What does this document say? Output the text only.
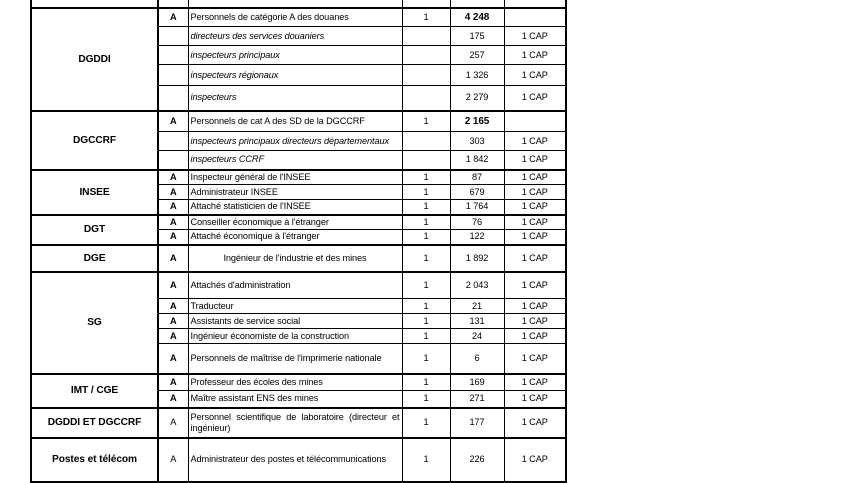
DGDDI	A	Personnels de catégorie A des douanes	1	4 248	
		directeurs des services douaniers		175	1 CAP
		inspecteurs principaux		257	1 CAP
		inspecteurs régionaux		1 326	1 CAP
		inspecteurs		2 279	1 CAP
DGCCRF	A	Personnels de cat A des SD de la DGCCRF	1	2 165	
		inspecteurs principaux directeurs départementaux		303	1 CAP
		inspecteurs CCRF		1 842	1 CAP
INSEE	A	Inspecteur général de l'INSEE	1	87	1 CAP
	A	Administrateur INSEE	1	679	1 CAP
	A	Attaché statisticien de l'INSEE	1	1 764	1 CAP
DGT	A	Conseiller économique à l'étranger	1	76	1 CAP
	A	Attaché économique à l'étranger	1	122	1 CAP
DGE	A	Ingénieur de l'industrie et des mines	1	1 892	1 CAP
SG	A	Attachés d'administration	1	2 043	1 CAP
	A	Traducteur	1	21	1 CAP
	A	Assistants de service social	1	131	1 CAP
	A	Ingénieur économiste de la construction	1	24	1 CAP
	A	Personnels de maîtrise de l'imprimerie nationale	1	6	1 CAP
IMT / CGE	A	Professeur des écoles des mines	1	169	1 CAP
	A	Maître assistant ENS des mines	1	271	1 CAP
DGDDI ET DGCCRF	A	Personnel scientifique de laboratoire (directeur et ingénieur)	1	177	1 CAP
Postes et télécom	A	Administrateur des postes et télécommunications	1	226	1 CAP
